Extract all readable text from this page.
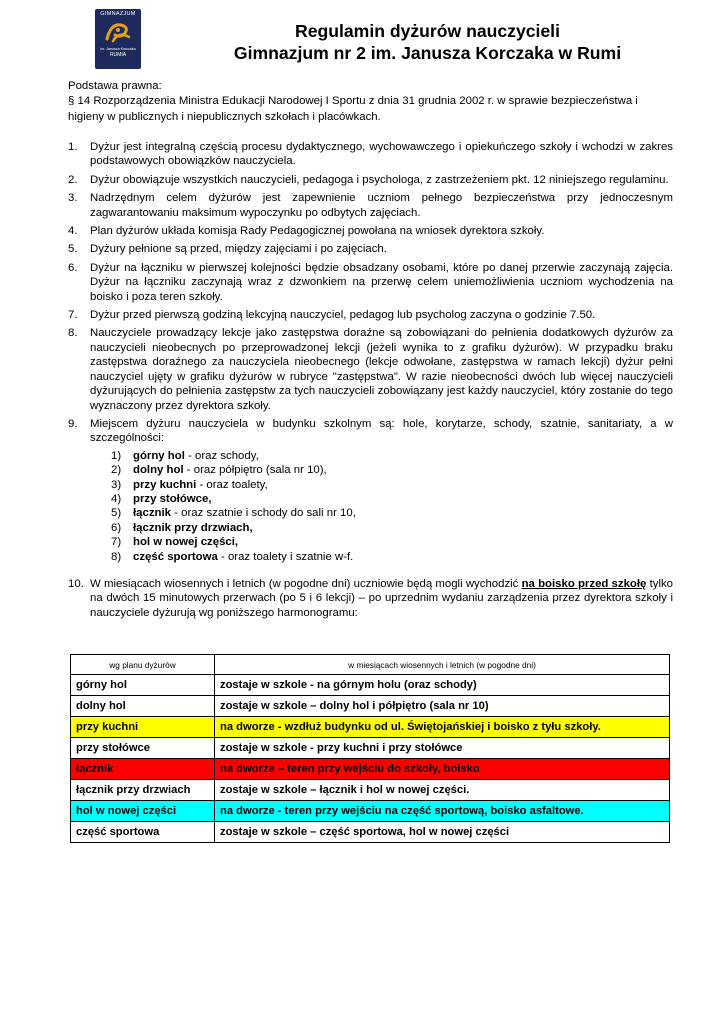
GIMNAZJUM
im. Janusza Korczaka
RUMIA
Regulamin dyżurów nauczycieli
Gimnazjum nr 2 im. Janusza Korczaka w Rumi
Podstawa prawna:
§ 14 Rozporządzenia Ministra Edukacji Narodowej I Sportu z dnia 31 grudnia 2002 r. w sprawie bezpieczeństwa i higieny w publicznych i niepublicznych szkołach i placówkach.
1.	Dyżur jest integralną częścią procesu dydaktycznego, wychowawczego i opiekuńczego szkoły i wchodzi w zakres podstawowych obowiązków nauczyciela.
2.	Dyżur obowiązuje wszystkich nauczycieli, pedagoga i psychologa, z zastrzeżeniem pkt. 12 niniejszego regulaminu.
3.	Nadrzędnym celem dyżurów jest zapewnienie uczniom pełnego bezpieczeństwa przy jednoczesnym zagwarantowaniu maksimum wypoczynku po odbytych zajęciach.
4.	Plan dyżurów układa komisja Rady Pedagogicznej powołana na wniosek dyrektora szkoły.
5.	Dyżury pełnione są przed, między zajęciami i po zajęciach.
6.	Dyżur na łączniku w pierwszej kolejności będzie obsadzany osobami, które po danej przerwie zaczynają zajęcia. Dyżur na łączniku zaczynają wraz z dzwonkiem na przerwę celem uniemożliwienia uczniom wychodzenia na boisko i poza teren szkoły.
7.	Dyżur przed pierwszą godziną lekcyjną nauczyciel, pedagog lub psycholog zaczyna o godzinie 7.50.
8.	Nauczyciele prowadzący lekcje jako zastępstwa doraźne są zobowiązani do pełnienia dodatkowych dyżurów za nauczycieli nieobecnych po przeprowadzonej lekcji (jeżeli wynika to z grafiku dyżurów). W przypadku braku zastępstwa doraźnego za nauczyciela nieobecnego (lekcje odwołane, zastępstwa w ramach lekcji) dyżur pełni nauczyciel ujęty w grafiku dyżurów w rubryce "zastępstwa". W razie nieobecności dwóch lub więcej nauczycieli dyżurujących do pełnienia zastępstw za tych nauczycieli zobowiązany jest każdy nauczyciel, który zostanie do tego wyznaczony przez dyrektora szkoły.
9.	Miejscem dyżuru nauczyciela w budynku szkolnym są: hole, korytarze, schody, szatnie, sanitariaty, a w szczególności:
1)	górny hol - oraz schody,
2)	dolny hol - oraz półpiętro (sala nr 10),
3)	przy kuchni - oraz toalety,
4)	przy stołówce,
5)	łącznik - oraz szatnie i schody do sali nr 10,
6)	łącznik przy drzwiach,
7)	hol w nowej części,
8)	część sportowa - oraz toalety i szatnie w-f.
10. W miesiącach wiosennych i letnich (w pogodne dni) uczniowie będą mogli wychodzić na boisko przed szkołę tylko na dwóch 15 minutowych przerwach (po 5 i 6 lekcji) – po uprzednim wydaniu zarządzenia przez dyrektora szkoły i nauczyciele dyżurują wg poniższego harmonogramu:
wg planu dyżurów	w miesiącach wiosennych i letnich (w pogodne dni)
górny hol	zostaje w szkole - na górnym holu (oraz schody)
dolny hol	zostaje w szkole – dolny hol i półpiętro (sala nr 10)
przy kuchni	na dworze - wzdłuż budynku od ul. Świętojańskiej i boisko z tyłu szkoły.
przy stołówce	zostaje w szkole - przy kuchni i przy stołówce
łącznik	na dworze – teren przy wejściu do szkoły, boisko
łącznik przy drzwiach	zostaje w szkole – łącznik i hol w nowej części.
hol w nowej części	na dworze - teren przy wejściu na część sportową, boisko asfaltowe.
część sportowa	zostaje w szkole – część sportowa, hol w nowej części
